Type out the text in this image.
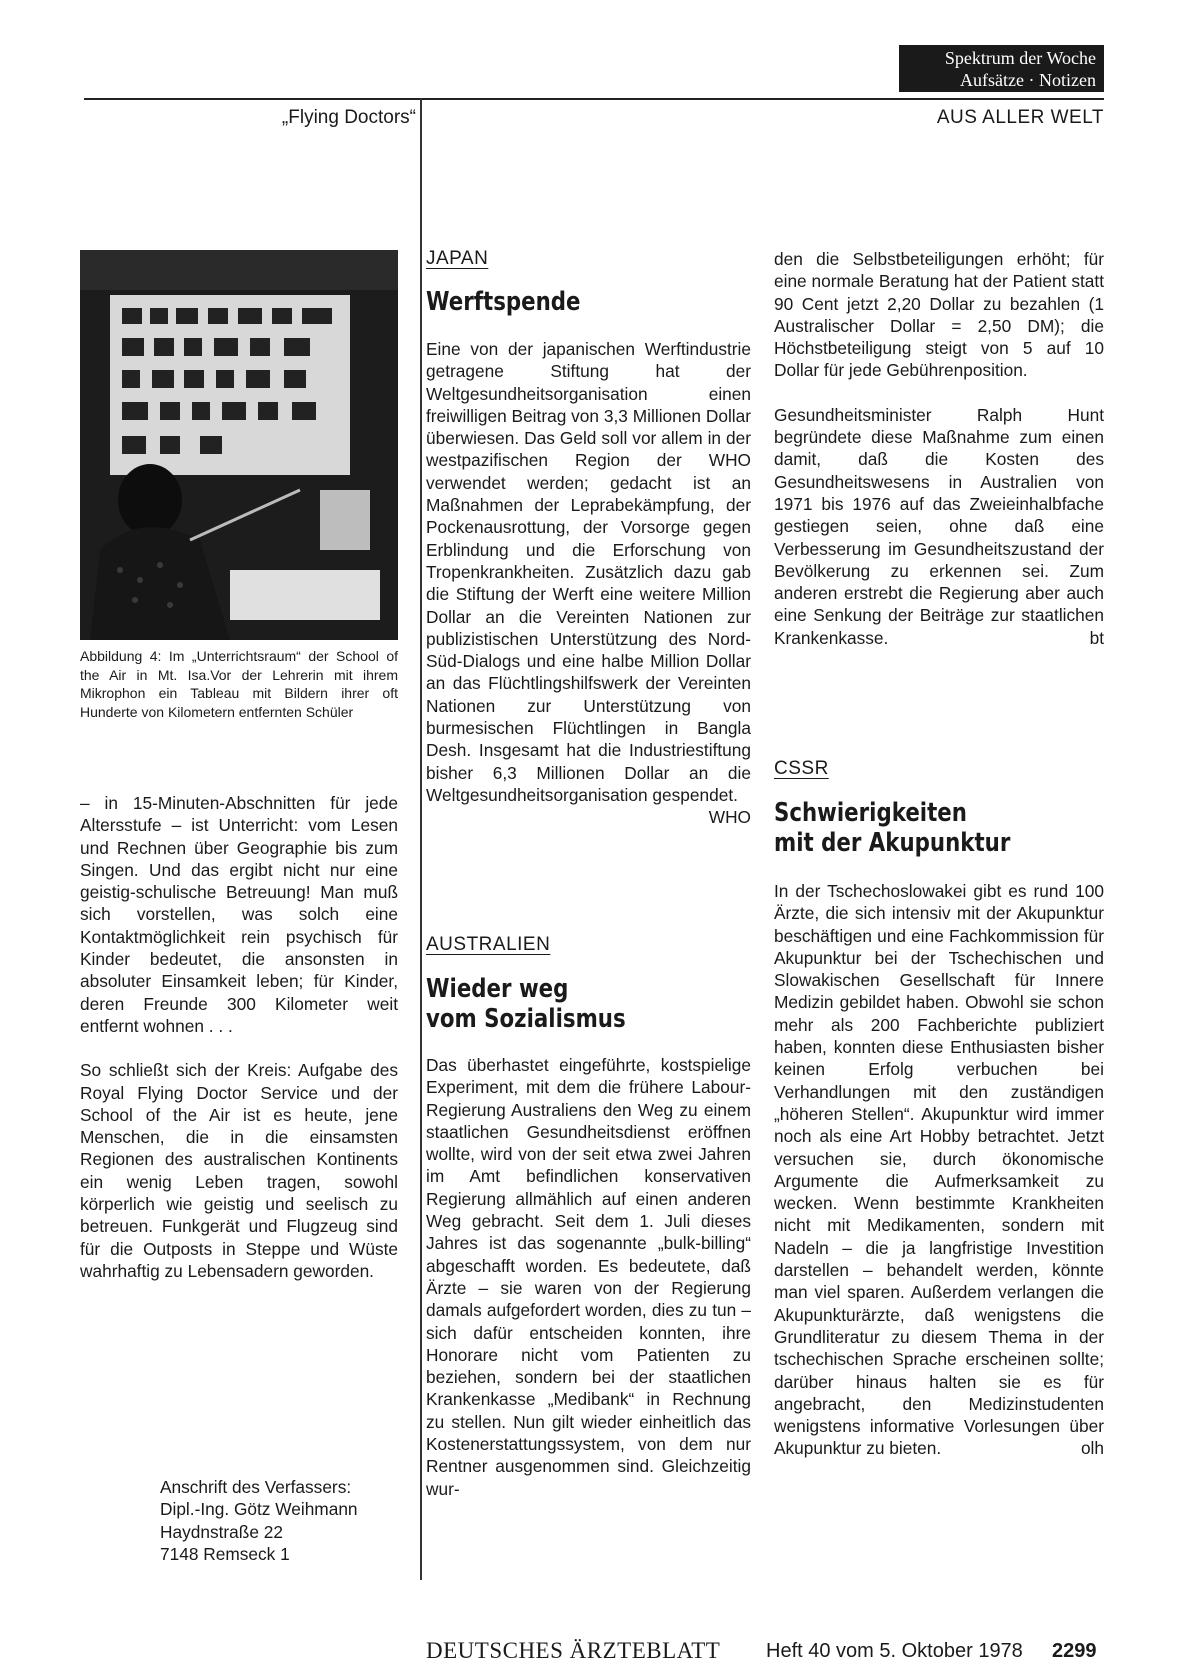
Spektrum der Woche
Aufsätze · Notizen
„Flying Doctors“	AUS ALLER WELT
Abbildung 4: Im „Unterrichtsraum“ der School of the Air in Mt. Isa.Vor der Lehrerin mit ihrem Mikrophon ein Tableau mit Bildern ihrer oft Hunderte von Kilometern entfernten Schüler

– in 15-Minuten-Abschnitten für jede Altersstufe – ist Unterricht: vom Lesen und Rechnen über Geographie bis zum Singen. Und das ergibt nicht nur eine geistig-schulische Betreuung! Man muß sich vorstellen, was solch eine Kontaktmöglichkeit rein psychisch für Kinder bedeutet, die ansonsten in absoluter Einsamkeit leben; für Kinder, deren Freunde 300 Kilometer weit entfernt wohnen . . .

So schließt sich der Kreis: Aufgabe des Royal Flying Doctor Service und der School of the Air ist es heute, jene Menschen, die in die einsamsten Regionen des australischen Kontinents ein wenig Leben tragen, sowohl körperlich wie geistig und seelisch zu betreuen. Funkgerät und Flugzeug sind für die Outposts in Steppe und Wüste wahrhaftig zu Lebensadern geworden.

Anschrift des Verfassers:
Dipl.-Ing. Götz Weihmann
Haydnstraße 22
7148 Remseck 1
JAPAN
Werftspende

Eine von der japanischen Werftindustrie getragene Stiftung hat der Weltgesundheitsorganisation einen freiwilligen Beitrag von 3,3 Millionen Dollar überwiesen. Das Geld soll vor allem in der westpazifischen Region der WHO verwendet werden; gedacht ist an Maßnahmen der Leprabekämpfung, der Pockenausrottung, der Vorsorge gegen Erblindung und die Erforschung von Tropenkrankheiten. Zusätzlich dazu gab die Stiftung der Werft eine weitere Million Dollar an die Vereinten Nationen zur publizistischen Unterstützung des Nord-Süd-Dialogs und eine halbe Million Dollar an das Flüchtlingshilfswerk der Vereinten Nationen zur Unterstützung von burmesischen Flüchtlingen in Bangla Desh. Insgesamt hat die Industriestiftung bisher 6,3 Millionen Dollar an die Weltgesundheitsorganisation gespendet.
WHO

AUSTRALIEN
Wieder weg
vom Sozialismus
Das überhastet eingeführte, kostspielige Experiment, mit dem die frühere Labour-Regierung Australiens den Weg zu einem staatlichen Gesundheitsdienst eröffnen wollte, wird von der seit etwa zwei Jahren im Amt befindlichen konservativen Regierung allmählich auf einen anderen Weg gebracht. Seit dem 1. Juli dieses Jahres ist das sogenannte „bulk-billing“ abgeschafft worden. Es bedeutete, daß Ärzte – sie waren von der Regierung damals aufgefordert worden, dies zu tun – sich dafür entscheiden konnten, ihre Honorare nicht vom Patienten zu beziehen, sondern bei der staatlichen Krankenkasse „Medibank“ in Rechnung zu stellen. Nun gilt wieder einheitlich das Kostenerstattungssystem, von dem nur Rentner ausgenommen sind. Gleichzeitig wur-

den die Selbstbeteiligungen erhöht; für eine normale Beratung hat der Patient statt 90 Cent jetzt 2,20 Dollar zu bezahlen (1 Australischer Dollar = 2,50 DM); die Höchstbeteiligung steigt von 5 auf 10 Dollar für jede Gebührenposition.

Gesundheitsminister Ralph Hunt begründete diese Maßnahme zum einen damit, daß die Kosten des Gesundheitswesens in Australien von 1971 bis 1976 auf das Zweieinhalbfache gestiegen seien, ohne daß eine Verbesserung im Gesundheitszustand der Bevölkerung zu erkennen sei. Zum anderen erstrebt die Regierung aber auch eine Senkung der Beiträge zur staatlichen Krankenkasse.	bt

CSSR
Schwierigkeiten
mit der Akupunktur

In der Tschechoslowakei gibt es rund 100 Ärzte, die sich intensiv mit der Akupunktur beschäftigen und eine Fachkommission für Akupunktur bei der Tschechischen und Slowakischen Gesellschaft für Innere Medizin gebildet haben. Obwohl sie schon mehr als 200 Fachberichte publiziert haben, konnten diese Enthusiasten bisher keinen Erfolg verbuchen bei Verhandlungen mit den zuständigen „höheren Stellen“. Akupunktur wird immer noch als eine Art Hobby betrachtet. Jetzt versuchen sie, durch ökonomische Argumente die Aufmerksamkeit zu wecken. Wenn bestimmte Krankheiten nicht mit Medikamenten, sondern mit Nadeln – die ja langfristige Investition darstellen – behandelt werden, könnte man viel sparen. Außerdem verlangen die Akupunkturärzte, daß wenigstens die Grundliteratur zu diesem Thema in der tschechischen Sprache erscheinen sollte; darüber hinaus halten sie es für angebracht, den Medizinstudenten wenigstens informative Vorlesungen über Akupunktur zu bieten.	olh

DEUTSCHES ÄRZTEBLATT Heft 40 vom 5. Oktober 1978 2299
